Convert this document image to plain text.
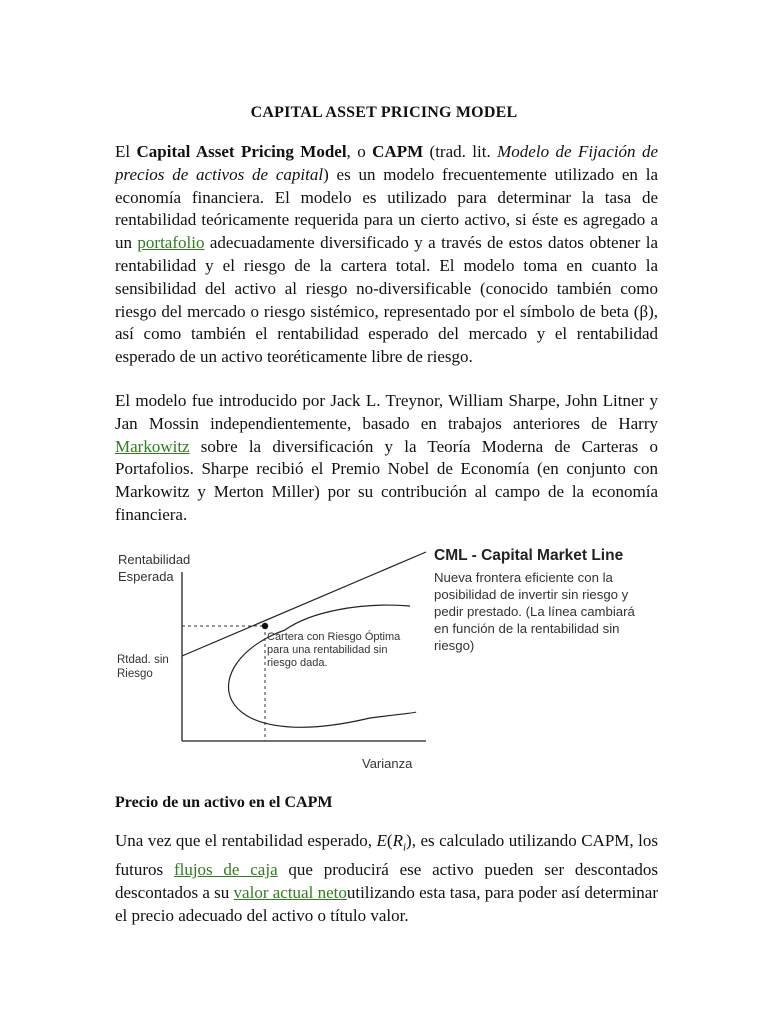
CAPITAL ASSET PRICING MODEL
El Capital Asset Pricing Model, o CAPM (trad. lit. Modelo de Fijación de precios de activos de capital) es un modelo frecuentemente utilizado en la economía financiera. El modelo es utilizado para determinar la tasa de rentabilidad teóricamente requerida para un cierto activo, si éste es agregado a un portafolio adecuadamente diversificado y a través de estos datos obtener la rentabilidad y el riesgo de la cartera total. El modelo toma en cuanto la sensibilidad del activo al riesgo no-diversificable (conocido también como riesgo del mercado o riesgo sistémico, representado por el símbolo de beta (β), así como también el rentabilidad esperado del mercado y el rentabilidad esperado de un activo teoréticamente libre de riesgo.
El modelo fue introducido por Jack L. Treynor, William Sharpe, John Litner y Jan Mossin independientemente, basado en trabajos anteriores de Harry Markowitz sobre la diversificación y la Teoría Moderna de Carteras o Portafolios. Sharpe recibió el Premio Nobel de Economía (en conjunto con Markowitz y Merton Miller) por su contribución al campo de la economía financiera.
Rentabilidad
Esperada
Varianza
Rtdad. sin
Riesgo
Cartera con Riesgo Óptima
para una rentabilidad sin
riesgo dada.
CML - Capital Market Line
Nueva frontera eficiente con la posibilidad de invertir sin riesgo y pedir prestado. (La línea cambiará en función de la rentabilidad sin riesgo)
Precio de un activo en el CAPM
Una vez que el rentabilidad esperado, $E(R_i)$, es calculado utilizando CAPM, los futuros flujos de caja que producirá ese activo pueden ser descontados descontados a su valor actual netoutilizando esta tasa, para poder así determinar el precio adecuado del activo o título valor.
